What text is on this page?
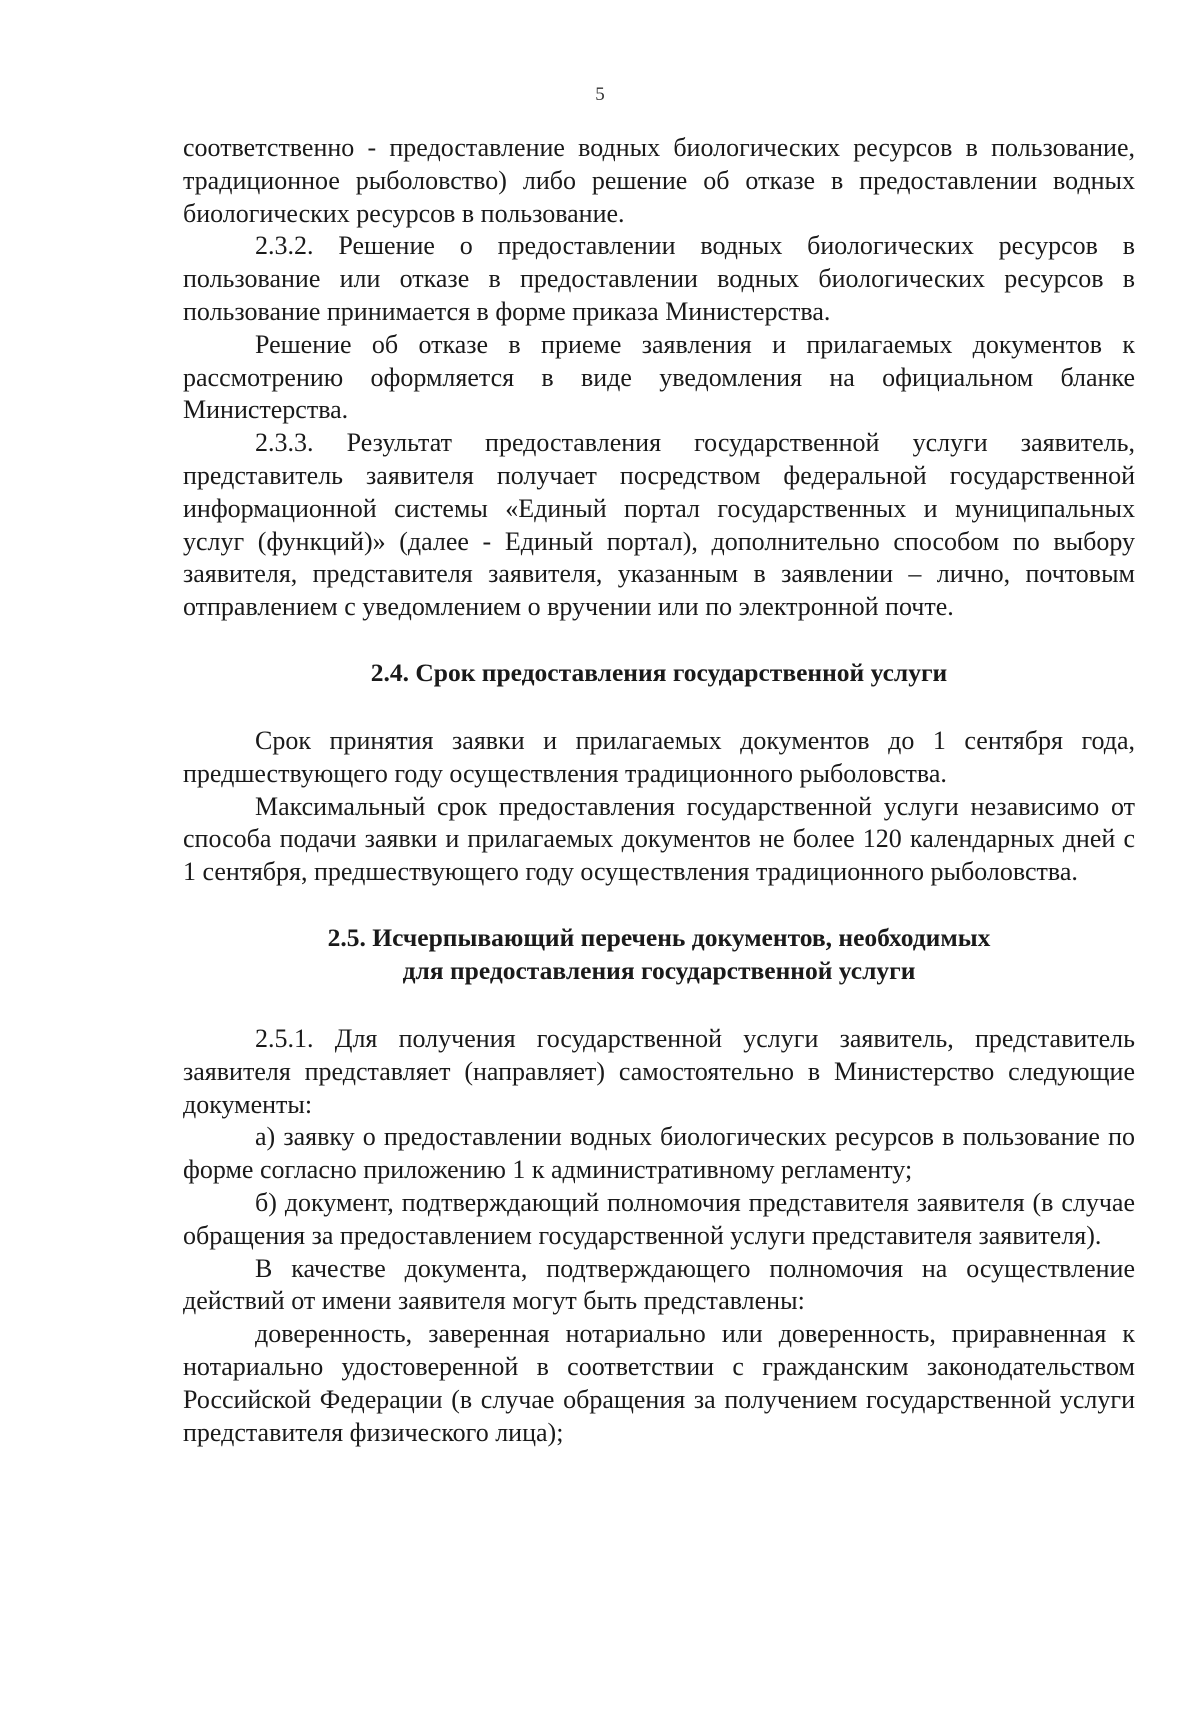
5

соответственно - предоставление водных биологических ресурсов в пользование, традиционное рыболовство) либо решение об отказе в предоставлении водных биологических ресурсов в пользование.

2.3.2. Решение о предоставлении водных биологических ресурсов в пользование или отказе в предоставлении водных биологических ресурсов в пользование принимается в форме приказа Министерства.

Решение об отказе в приеме заявления и прилагаемых документов к рассмотрению оформляется в виде уведомления на официальном бланке Министерства.

2.3.3. Результат предоставления государственной услуги заявитель, представитель заявителя получает посредством федеральной государственной информационной системы «Единый портал государственных и муниципальных услуг (функций)» (далее - Единый портал), дополнительно способом по выбору заявителя, представителя заявителя, указанным в заявлении – лично, почтовым отправлением с уведомлением о вручении или по электронной почте.

2.4. Срок предоставления государственной услуги

Срок принятия заявки и прилагаемых документов до 1 сентября года, предшествующего году осуществления традиционного рыболовства.

Максимальный срок предоставления государственной услуги независимо от способа подачи заявки и прилагаемых документов не более 120 календарных дней с 1 сентября, предшествующего году осуществления традиционного рыболовства.

2.5. Исчерпывающий перечень документов, необходимых
для предоставления государственной услуги

2.5.1. Для получения государственной услуги заявитель, представитель заявителя представляет (направляет) самостоятельно в Министерство следующие документы:

а) заявку о предоставлении водных биологических ресурсов в пользование по форме согласно приложению 1 к административному регламенту;

б) документ, подтверждающий полномочия представителя заявителя (в случае обращения за предоставлением государственной услуги представителя заявителя).

В качестве документа, подтверждающего полномочия на осуществление действий от имени заявителя могут быть представлены:

доверенность, заверенная нотариально или доверенность, приравненная к нотариально удостоверенной в соответствии с гражданским законодательством Российской Федерации (в случае обращения за получением государственной услуги представителя физического лица);
